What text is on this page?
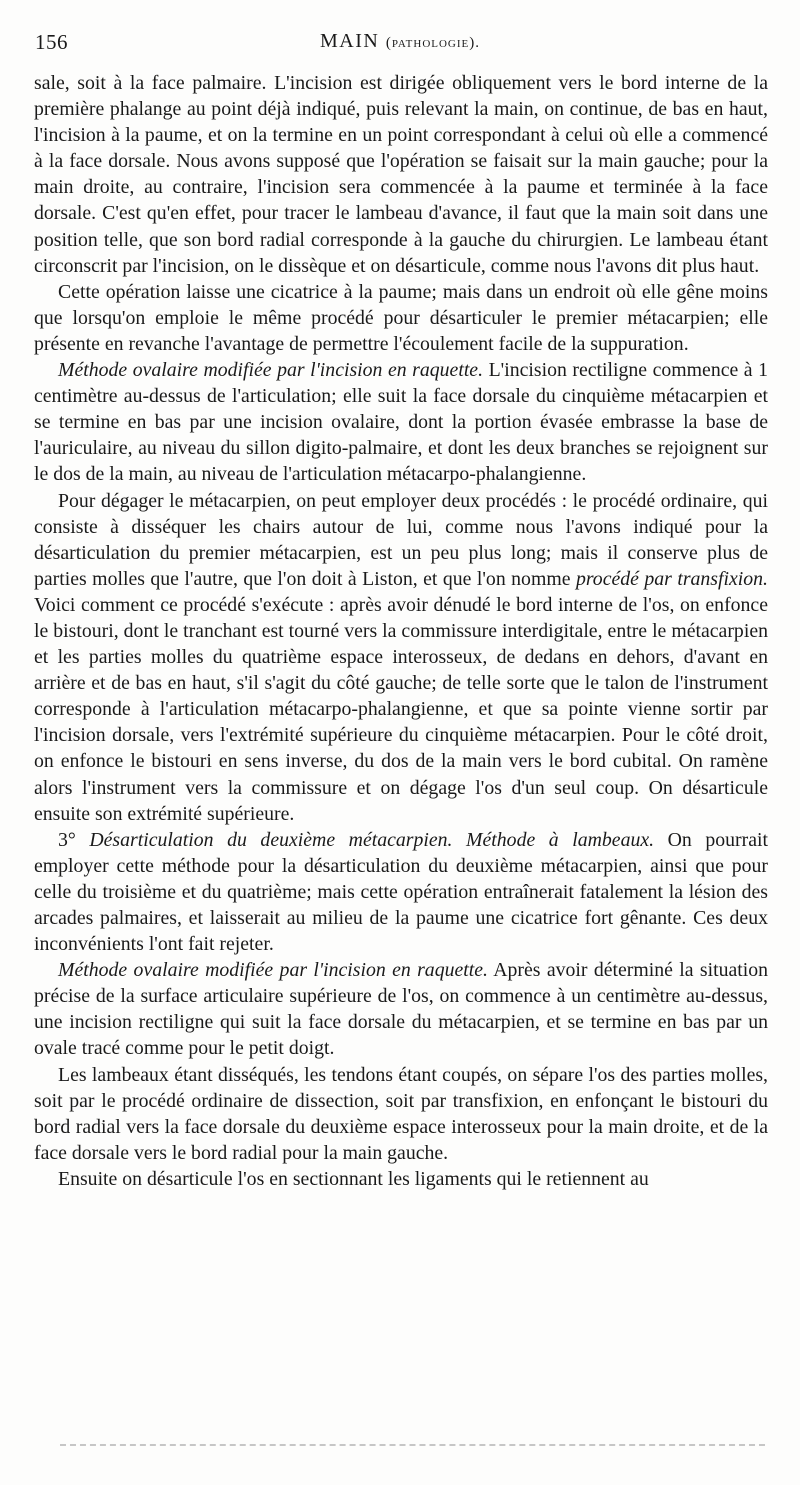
156	MAIN (pathologie).

sale, soit à la face palmaire. L'incision est dirigée obliquement vers le bord interne de la première phalange au point déjà indiqué, puis relevant la main, on continue, de bas en haut, l'incision à la paume, et on la termine en un point correspondant à celui où elle a commencé à la face dorsale. Nous avons supposé que l'opération se faisait sur la main gauche; pour la main droite, au contraire, l'incision sera commencée à la paume et terminée à la face dorsale. C'est qu'en effet, pour tracer le lambeau d'avance, il faut que la main soit dans une position telle, que son bord radial corresponde à la gauche du chirurgien. Le lambeau étant circonscrit par l'incision, on le dissèque et on désarticule, comme nous l'avons dit plus haut.

Cette opération laisse une cicatrice à la paume; mais dans un endroit où elle gêne moins que lorsqu'on emploie le même procédé pour désarticuler le premier métacarpien; elle présente en revanche l'avantage de permettre l'écoulement facile de la suppuration.

Méthode ovalaire modifiée par l'incision en raquette. L'incision rectiligne commence à 1 centimètre au-dessus de l'articulation; elle suit la face dorsale du cinquième métacarpien et se termine en bas par une incision ovalaire, dont la portion évasée embrasse la base de l'auriculaire, au niveau du sillon digito-palmaire, et dont les deux branches se rejoignent sur le dos de la main, au niveau de l'articulation métacarpo-phalangienne.

Pour dégager le métacarpien, on peut employer deux procédés : le procédé ordinaire, qui consiste à disséquer les chairs autour de lui, comme nous l'avons indiqué pour la désarticulation du premier métacarpien, est un peu plus long; mais il conserve plus de parties molles que l'autre, que l'on doit à Liston, et que l'on nomme procédé par transfixion. Voici comment ce procédé s'exécute : après avoir dénudé le bord interne de l'os, on enfonce le bistouri, dont le tranchant est tourné vers la commissure interdigitale, entre le métacarpien et les parties molles du quatrième espace interosseux, de dedans en dehors, d'avant en arrière et de bas en haut, s'il s'agit du côté gauche; de telle sorte que le talon de l'instrument corresponde à l'articulation métacarpo-phalangienne, et que sa pointe vienne sortir par l'incision dorsale, vers l'extrémité supérieure du cinquième métacarpien. Pour le côté droit, on enfonce le bistouri en sens inverse, du dos de la main vers le bord cubital. On ramène alors l'instrument vers la commissure et on dégage l'os d'un seul coup. On désarticule ensuite son extrémité supérieure.

3° Désarticulation du deuxième métacarpien. Méthode à lambeaux. On pourrait employer cette méthode pour la désarticulation du deuxième métacarpien, ainsi que pour celle du troisième et du quatrième; mais cette opération entraînerait fatalement la lésion des arcades palmaires, et laisserait au milieu de la paume une cicatrice fort gênante. Ces deux inconvénients l'ont fait rejeter.

Méthode ovalaire modifiée par l'incision en raquette. Après avoir déterminé la situation précise de la surface articulaire supérieure de l'os, on commence à un centimètre au-dessus, une incision rectiligne qui suit la face dorsale du métacarpien, et se termine en bas par un ovale tracé comme pour le petit doigt.

Les lambeaux étant disséqués, les tendons étant coupés, on sépare l'os des parties molles, soit par le procédé ordinaire de dissection, soit par transfixion, en enfonçant le bistouri du bord radial vers la face dorsale du deuxième espace interosseux pour la main droite, et de la face dorsale vers le bord radial pour la main gauche.

Ensuite on désarticule l'os en sectionnant les ligaments qui le retiennent au
